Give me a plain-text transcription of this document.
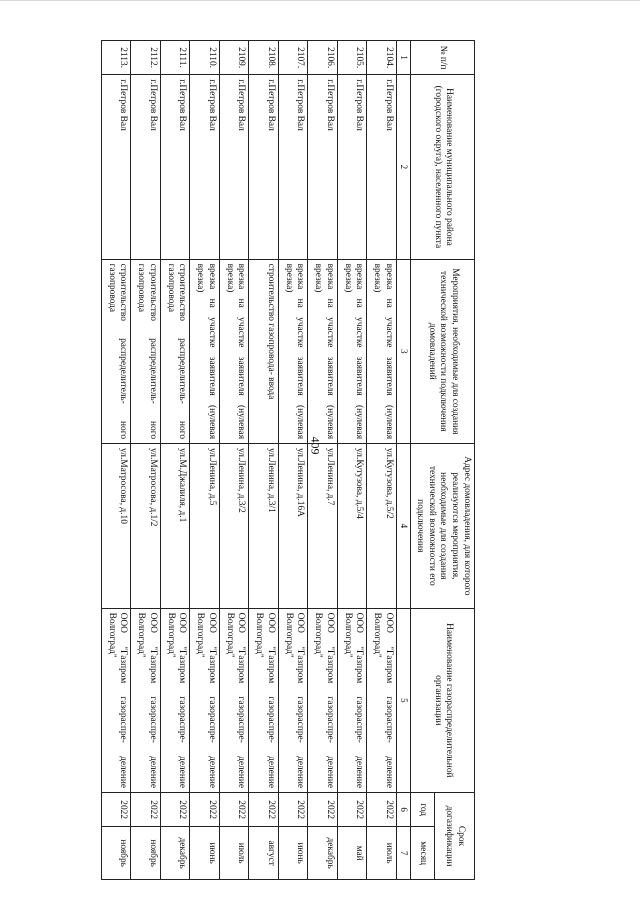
409
№ п/п	Наименование муниципального района (городского округа), населенного пункта	Мероприятия, необходимые для создания технической возможности подключения домовладений	Адрес домовладения, для которого реализуются мероприятия, необходимые для создания технической возможности его подключения	Наименование газораспределительной организации	Срок догазификации	
					год	месяц
1	2	3	4	5	6	7
2104.	г.Петров Вал	врезка на участке заявителя (нулевая врезка)	ул.Кутузова, д.5/2	ООО "Газпром газораспре- деление Волгоград"	2022	июль
2105.	г.Петров Вал	врезка на участке заявителя (нулевая врезка)	ул.Кутузова, д.5/4	ООО "Газпром газораспре- деление Волгоград"	2022	май
2106.	г.Петров Вал	врезка на участке заявителя (нулевая врезка)	ул.Ленина, д.7	ООО "Газпром газораспре- деление Волгоград"	2022	декабрь
2107.	г.Петров Вал	врезка на участке заявителя (нулевая врезка)	ул.Ленина, д.16А	ООО "Газпром газораспре- деление Волгоград"	2022	июнь
2108.	г.Петров Вал	строительство газопровода- ввода	ул.Ленина, д.3/1	ООО "Газпром газораспре- деление Волгоград"	2022	август
2109.	г.Петров Вал	врезка на участке заявителя (нулевая врезка)	ул.Ленина, д.3/2	ООО "Газпром газораспре- деление Волгоград"	2022	июль
2110.	г.Петров Вал	врезка на участке заявителя (нулевая врезка)	ул.Ленина, д.5	ООО "Газпром газораспре- деление Волгоград"	2022	июнь
2111.	г.Петров Вал	строительство распределитель- ного газопровода	ул.М.Джалиля, д.1	ООО "Газпром газораспре- деление Волгоград"	2022	декабрь
2112.	г.Петров Вал	строительство распределитель- ного газопровода	ул.Матросова, д.1/2	ООО "Газпром газораспре- деление Волгоград"	2022	ноябрь
2113.	г.Петров Вал	строительство распределитель- ного газопровода	ул.Матросова, д.10	ООО "Газпром газораспре- деление Волгоград"	2022	ноябрь
